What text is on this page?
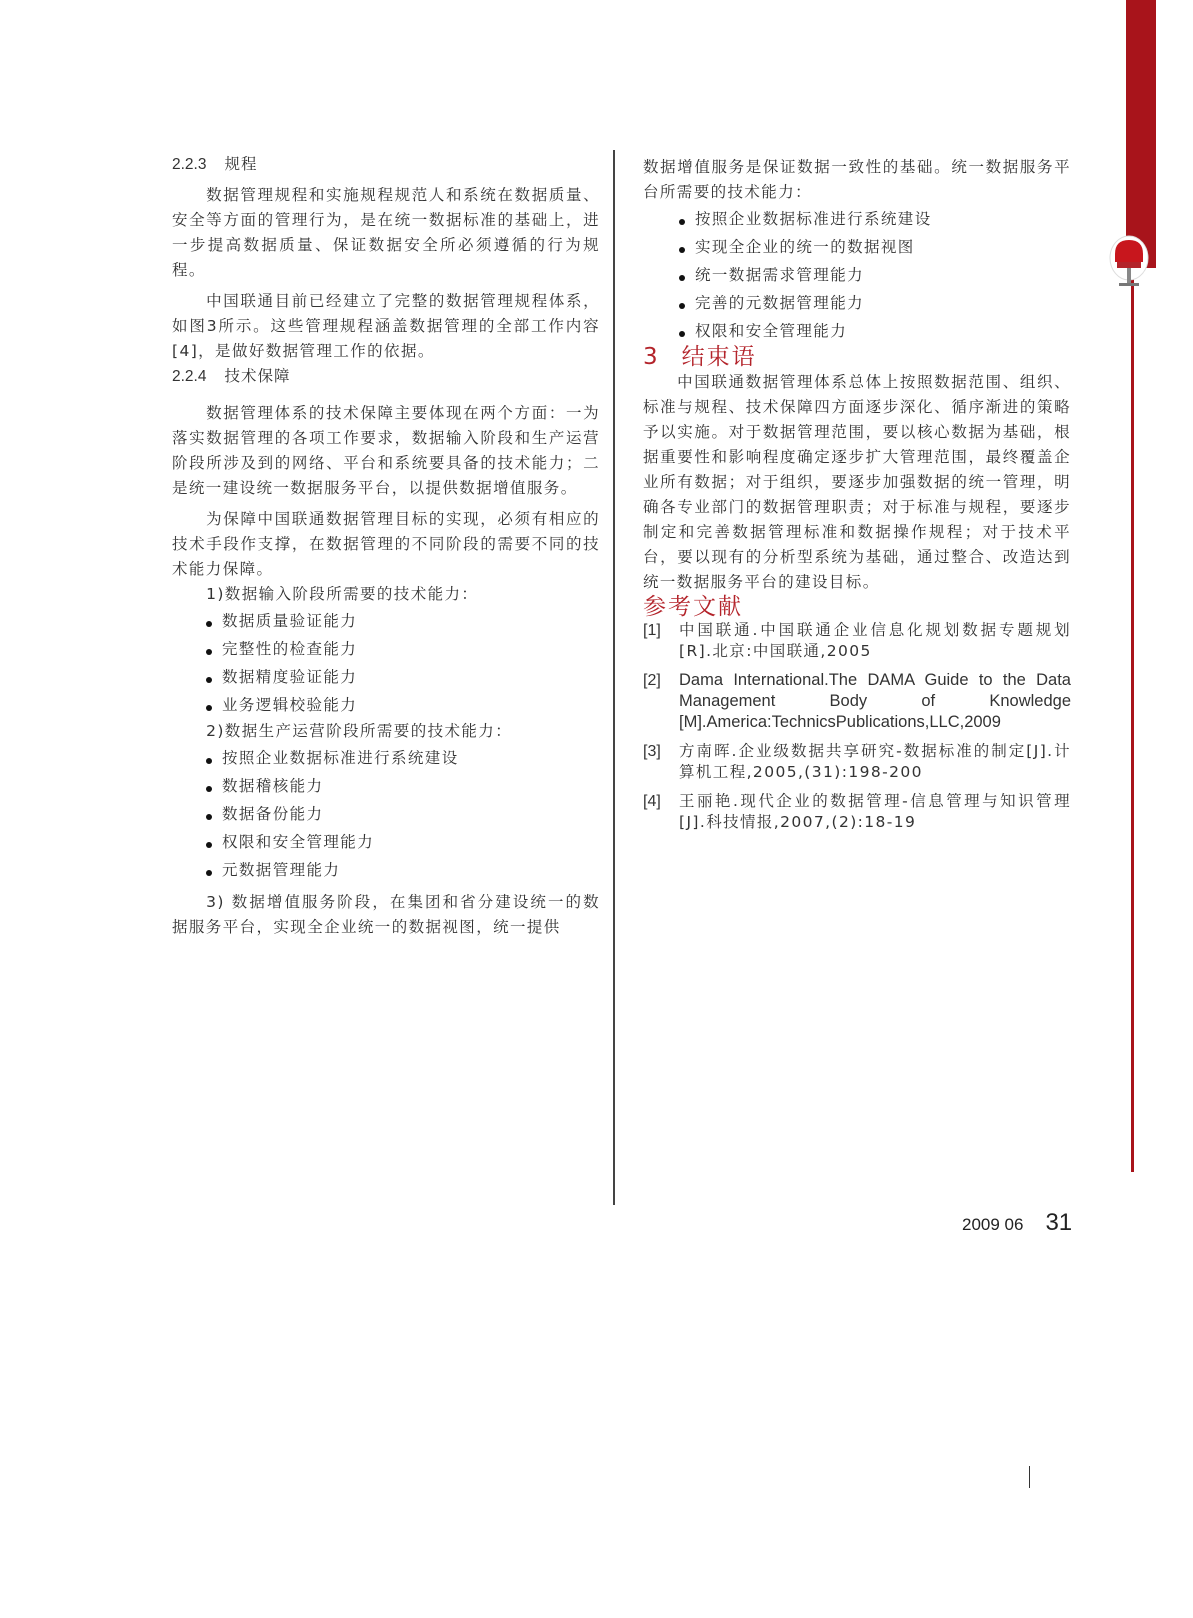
2.2.3 规程

数据管理规程和实施规程规范人和系统在数据质量、安全等方面的管理行为，是在统一数据标准的基础上，进一步提高数据质量、保证数据安全所必须遵循的行为规程。

中国联通目前已经建立了完整的数据管理规程体系，如图3所示。这些管理规程涵盖数据管理的全部工作内容[4]，是做好数据管理工作的依据。

2.2.4 技术保障

数据管理体系的技术保障主要体现在两个方面：一为落实数据管理的各项工作要求，数据输入阶段和生产运营阶段所涉及到的网络、平台和系统要具备的技术能力；二是统一建设统一数据服务平台，以提供数据增值服务。

为保障中国联通数据管理目标的实现，必须有相应的技术手段作支撑，在数据管理的不同阶段的需要不同的技术能力保障。

1)数据输入阶段所需要的技术能力：

数据质量验证能力
完整性的检查能力
数据精度验证能力
业务逻辑校验能力

2)数据生产运营阶段所需要的技术能力：

按照企业数据标准进行系统建设
数据稽核能力
数据备份能力
权限和安全管理能力
元数据管理能力

3) 数据增值服务阶段，在集团和省分建设统一的数据服务平台，实现全企业统一的数据视图，统一提供

数据增值服务是保证数据一致性的基础。统一数据服务平台所需要的技术能力：

按照企业数据标准进行系统建设
实现全企业的统一的数据视图
统一数据需求管理能力
完善的元数据管理能力
权限和安全管理能力

3 结束语

中国联通数据管理体系总体上按照数据范围、组织、标准与规程、技术保障四方面逐步深化、循序渐进的策略予以实施。对于数据管理范围，要以核心数据为基础，根据重要性和影响程度确定逐步扩大管理范围，最终覆盖企业所有数据；对于组织，要逐步加强数据的统一管理，明确各专业部门的数据管理职责；对于标准与规程，要逐步制定和完善数据管理标准和数据操作规程；对于技术平台，要以现有的分析型系统为基础，通过整合、改造达到统一数据服务平台的建设目标。

参考文献

[1]	中国联通.中国联通企业信息化规划数据专题规划[R].北京:中国联通,2005
[2]	Dama International.The DAMA Guide to the Data Management Body of Knowledge [M].America:TechnicsPublications,LLC,2009
[3]	方南晖.企业级数据共享研究-数据标准的制定[J].计算机工程,2005,(31):198-200
[4]	王丽艳.现代企业的数据管理-信息管理与知识管理[J].科技情报,2007,(2):18-19
2009 06 31
